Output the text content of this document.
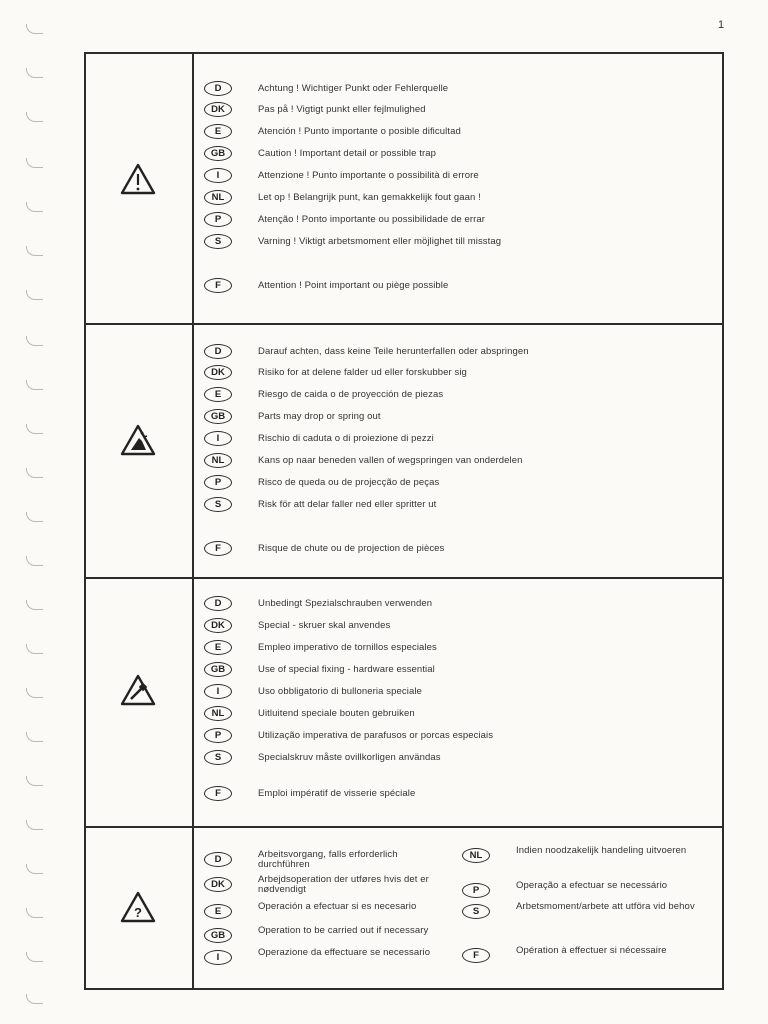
1
D	Achtung ! Wichtiger Punkt oder Fehlerquelle
DK	Pas på ! Vigtigt punkt eller fejlmulighed
E	Atención ! Punto importante o posible dificultad
GB	Caution ! Important detail or possible trap
I	Attenzione ! Punto importante o possibilità di errore
NL	Let op ! Belangrijk punt, kan gemakkelijk fout gaan !
P	Atenção ! Ponto importante ou possibilidade de errar
S	Varning ! Viktigt arbetsmoment eller möjlighet till misstag
F	Attention ! Point important ou piège possible
D	Darauf achten, dass keine Teile herunterfallen oder abspringen
DK	Risiko for at delene falder ud eller forskubber sig
E	Riesgo de caida o de proyección de piezas
GB	Parts may drop or spring out
I	Rischio di caduta o di proiezione di pezzi
NL	Kans op naar beneden vallen of wegspringen van onderdelen
P	Risco de queda ou de projecção de peças
S	Risk för att delar faller ned eller spritter ut
F	Risque de chute ou de projection de pièces
D	Unbedingt Spezialschrauben verwenden
DK	Special - skruer skal anvendes
E	Empleo imperativo de tornillos especiales
GB	Use of special fixing - hardware essential
I	Uso obbligatorio di bulloneria speciale
NL	Uitluitend speciale bouten gebruiken
P	Utilização imperativa de parafusos or porcas especiais
S	Specialskruv måste ovillkorligen användas
F	Emploi impératif de visserie spéciale
?
D	Arbeitsvorgang, falls erforderlich durchführen
DK	Arbejdsoperation der utføres hvis det er nødvendigt
E	Operación a efectuar si es necesario
GB	Operation to be carried out if necessary
I	Operazione da effectuare se necessario
NL	Indien noodzakelijk handeling uitvoeren
P	Operação a efectuar se necessário
S	Arbetsmoment/arbete att utföra vid behov
F	Opération à effectuer si nécessaire
